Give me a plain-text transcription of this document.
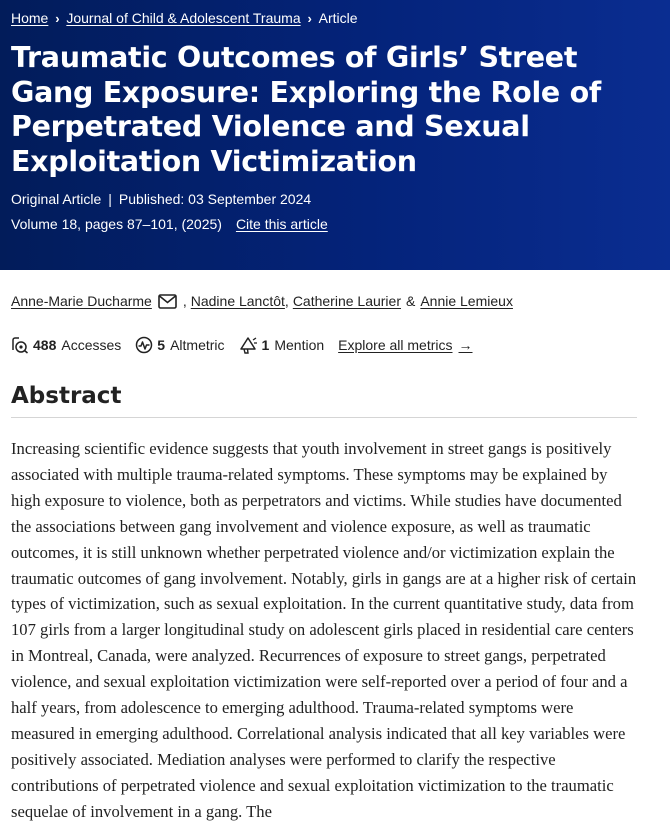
Home › Journal of Child & Adolescent Trauma › Article
Traumatic Outcomes of Girls’ Street Gang Exposure: Exploring the Role of Perpetrated Violence and Sexual Exploitation Victimization
Original Article | Published: 03 September 2024
Volume 18, pages 87–101, (2025) Cite this article
Anne-Marie Ducharme , Nadine Lanctôt , Catherine Laurier & Annie Lemieux
488 Accesses	5 Altmetric	1 Mention Explore all metrics →
Abstract

Increasing scientific evidence suggests that youth involvement in street gangs is positively associated with multiple trauma-related symptoms. These symptoms may be explained by high exposure to violence, both as perpetrators and victims. While studies have documented the associations between gang involvement and violence exposure, as well as traumatic outcomes, it is still unknown whether perpetrated violence and/or victimization explain the traumatic outcomes of gang involvement. Notably, girls in gangs are at a higher risk of certain types of victimization, such as sexual exploitation. In the current quantitative study, data from 107 girls from a larger longitudinal study on adolescent girls placed in residential care centers in Montreal, Canada, were analyzed. Recurrences of exposure to street gangs, perpetrated violence, and sexual exploitation victimization were self-reported over a period of four and a half years, from adolescence to emerging adulthood. Trauma-related symptoms were measured in emerging adulthood. Correlational analysis indicated that all key variables were positively associated. Mediation analyses were performed to clarify the respective contributions of perpetrated violence and sexual exploitation victimization to the traumatic sequelae of involvement in a gang. The
